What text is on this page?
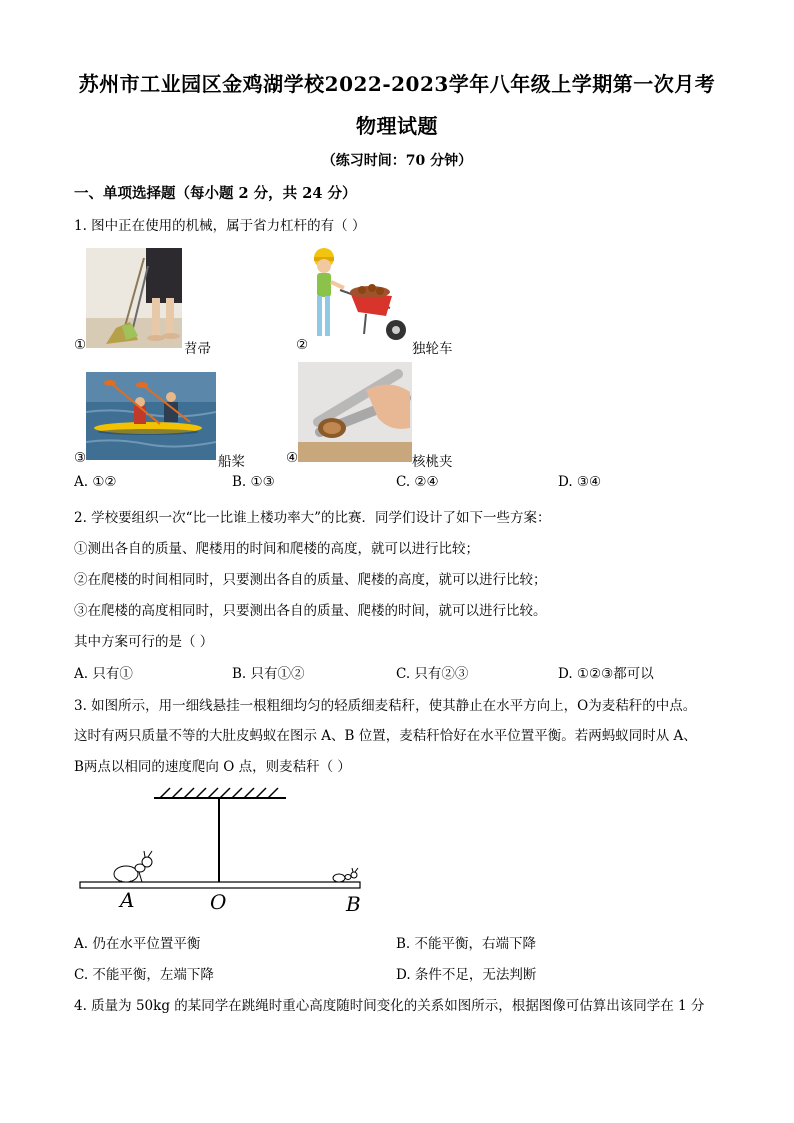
苏州市工业园区金鸡湖学校2022-2023学年八年级上学期第一次月考
物理试题
（练习时间：70 分钟）
一、单项选择题（每小题 2 分，共 24 分）
1. 图中正在使用的机械，属于省力杠杆的有（ ）
①	苕帚	②	独轮车
③	船桨	④	核桃夹
A. ①②	B. ①③	C. ②④	D. ③④
2. 学校要组织一次“比一比谁上楼功率大”的比赛．同学们设计了如下一些方案：
①测出各自的质量、爬楼用的时间和爬楼的高度，就可以进行比较；
②在爬楼的时间相同时，只要测出各自的质量、爬楼的高度，就可以进行比较；
③在爬楼的高度相同时，只要测出各自的质量、爬楼的时间，就可以进行比较。
其中方案可行的是（ ）
A. 只有①	B. 只有①②	C. 只有②③	D. ①②③都可以
3. 如图所示，用一细线悬挂一根粗细均匀的轻质细麦秸秆，使其静止在水平方向上，O为麦秸秆的中点。
这时有两只质量不等的大肚皮蚂蚁在图示 A、B 位置，麦秸秆恰好在水平位置平衡。若两蚂蚁同时从 A、
B两点以相同的速度爬向 O 点，则麦秸秆（ ）
A	O	B
A. 仍在水平位置平衡	B. 不能平衡，右端下降
C. 不能平衡，左端下降	D. 条件不足，无法判断
4. 质量为 50kg 的某同学在跳绳时重心高度随时间变化的关系如图所示，根据图像可估算出该同学在 1 分
